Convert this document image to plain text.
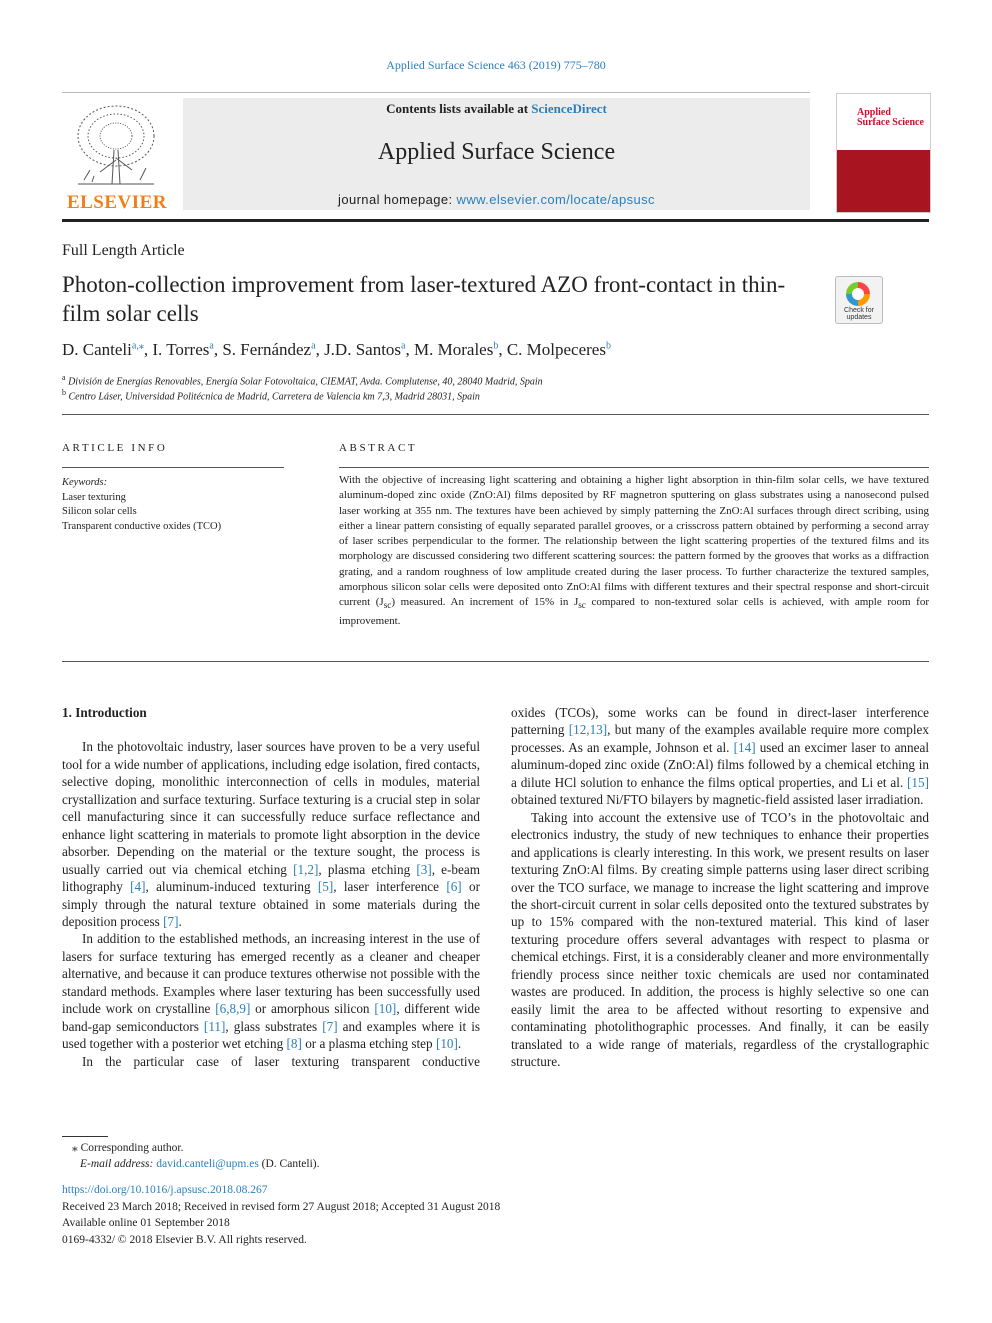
Applied Surface Science 463 (2019) 775–780
ELSEVIER
Contents lists available at ScienceDirect
Applied Surface Science
journal homepage: www.elsevier.com/locate/apsusc
Applied
Surface Science
Full Length Article
Photon-collection improvement from laser-textured AZO front-contact in thin-film solar cells	Check for
updates
D. Canteli$^{a,⁎}$, I. Torres$^a$, S. Fernández$^a$, J.D. Santos$^a$, M. Morales$^b$, C. Molpeceres$^b$
$^a$ División de Energías Renovables, Energía Solar Fotovoltaica, CIEMAT, Avda. Complutense, 40, 28040 Madrid, Spain
$^b$ Centro Láser, Universidad Politécnica de Madrid, Carretera de Valencia km 7,3, Madrid 28031, Spain
ARTICLE INFO	ABSTRACT
Keywords:
Laser texturing
Silicon solar cells
Transparent conductive oxides (TCO)
With the objective of increasing light scattering and obtaining a higher light absorption in thin-film solar cells, we have textured aluminum-doped zinc oxide (ZnO:Al) films deposited by RF magnetron sputtering on glass substrates using a nanosecond pulsed laser working at 355 nm. The textures have been achieved by simply patterning the ZnO:Al surfaces through direct scribing, using either a linear pattern consisting of equally separated parallel grooves, or a crisscross pattern obtained by performing a second array of laser scribes perpendicular to the former. The relationship between the light scattering properties of the textured films and its morphology are discussed considering two different scattering sources: the pattern formed by the grooves that works as a diffraction grating, and a random roughness of low amplitude created during the laser process. To further characterize the textured samples, amorphous silicon solar cells were deposited onto ZnO:Al films with different textures and their spectral response and short-circuit current $(J_{sc})$ measured. An increment of 15% in $J_{sc}$ compared to non-textured solar cells is achieved, with ample room for improvement.
1. Introduction

In the photovoltaic industry, laser sources have proven to be a very useful tool for a wide number of applications, including edge isolation, fired contacts, selective doping, monolithic interconnection of cells in modules, material crystallization and surface texturing. Surface texturing is a crucial step in solar cell manufacturing since it can successfully reduce surface reflectance and enhance light scattering in materials to promote light absorption in the device absorber. Depending on the material or the texture sought, the process is usually carried out via chemical etching [1,2], plasma etching [3], e-beam lithography [4], aluminum-induced texturing [5], laser interference [6] or simply through the natural texture obtained in some materials during the deposition process [7].

In addition to the established methods, an increasing interest in the use of lasers for surface texturing has emerged recently as a cleaner and cheaper alternative, and because it can produce textures otherwise not possible with the standard methods. Examples where laser texturing has been successfully used include work on crystalline [6,8,9] or amorphous silicon [10], different wide band-gap semiconductors [11], glass substrates [7] and examples where it is used together with a posterior wet etching [8] or a plasma etching step [10].

In the particular case of laser texturing transparent conductive

oxides (TCOs), some works can be found in direct-laser interference patterning [12,13], but many of the examples available require more complex processes. As an example, Johnson et al. [14] used an excimer laser to anneal aluminum-doped zinc oxide (ZnO:Al) films followed by a chemical etching in a dilute HCl solution to enhance the films optical properties, and Li et al. [15] obtained textured Ni/FTO bilayers by magnetic-field assisted laser irradiation.

Taking into account the extensive use of TCO’s in the photovoltaic and electronics industry, the study of new techniques to enhance their properties and applications is clearly interesting. In this work, we present results on laser texturing ZnO:Al films. By creating simple patterns using laser direct scribing over the TCO surface, we manage to increase the light scattering and improve the short-circuit current in solar cells deposited onto the textured substrates by up to 15% compared with the non-textured material. This kind of laser texturing procedure offers several advantages with respect to plasma or chemical etchings. First, it is a considerably cleaner and more environmentally friendly process since neither toxic chemicals are used nor contaminated wastes are produced. In addition, the process is highly selective so one can easily limit the area to be affected without resorting to expensive and contaminating photolithographic processes. And finally, it can be easily translated to a wide range of materials, regardless of the crystallographic structure.

⁎ Corresponding author.
E-mail address: david.canteli@upm.es (D. Canteli).
https://doi.org/10.1016/j.apsusc.2018.08.267
Received 23 March 2018; Received in revised form 27 August 2018; Accepted 31 August 2018
Available online 01 September 2018
0169-4332/ © 2018 Elsevier B.V. All rights reserved.
